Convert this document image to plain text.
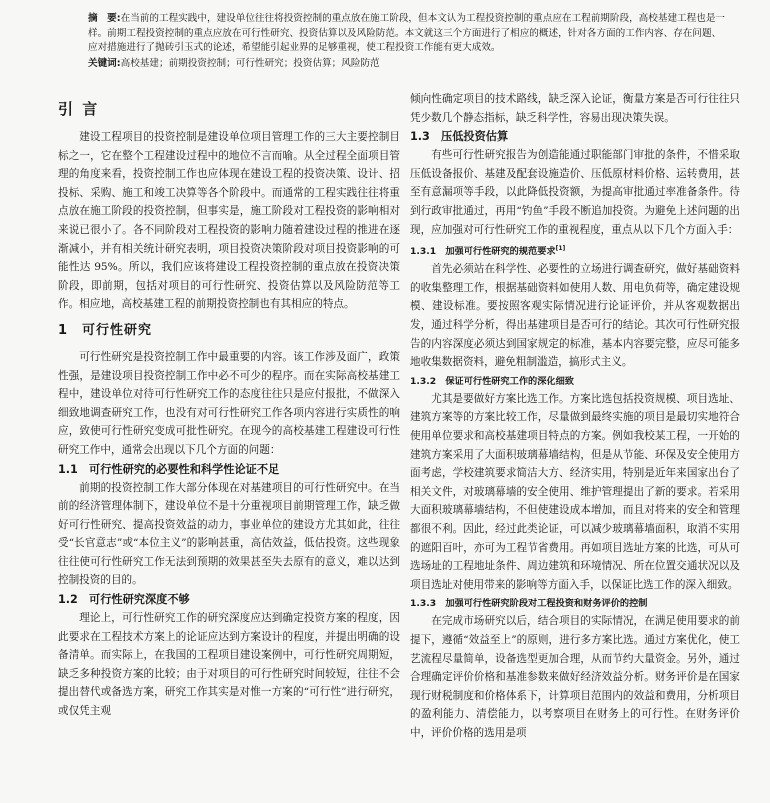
摘　要:在当前的工程实践中，建设单位往往将投资控制的重点放在施工阶段，但本文认为工程投资控制的重点应在工程前期阶段，高校基建工程也是一样。前期工程投资控制的重点应放在可行性研究、投资估算以及风险防范。本文就这三个方面进行了相应的概述，针对各方面的工作内容、存在问题、应对措施进行了抛砖引玉式的论述，希望能引起业界的足够重视，使工程投资工作能有更大成效。
关键词:高校基建；前期投资控制；可行性研究；投资估算；风险防范
引 言

建设工程项目的投资控制是建设单位项目管理工作的三大主要控制目标之一，它在整个工程建设过程中的地位不言而喻。从全过程全面项目管理的角度来看，投资控制工作也应体现在建设工程的投资决策、设计、招投标、采购、施工和竣工决算等各个阶段中。而通常的工程实践往往将重点放在施工阶段的投资控制，但事实是，施工阶段对工程投资的影响相对来说已很小了。各不同阶段对工程投资的影响力随着建设过程的推进在逐渐减小，并有相关统计研究表明，项目投资决策阶段对项目投资影响的可能性达 95%。所以，我们应该将建设工程投资控制的重点放在投资决策阶段，即前期，包括对项目的可行性研究、投资估算以及风险防范等工作。相应地，高校基建工程的前期投资控制也有其相应的特点。

1　可行性研究

可行性研究是投资控制工作中最重要的内容。该工作涉及面广，政策性强，是建设项目投资控制工作中必不可少的程序。而在实际高校基建工程中，建设单位对待可行性研究工作的态度往往只是应付报批，不做深入细致地调查研究工作，也没有对可行性研究工作各项内容进行实质性的响应，致使可行性研究变成可批性研究。在现今的高校基建工程建设可行性研究工作中，通常会出现以下几个方面的问题：

1.1　可行性研究的必要性和科学性论证不足

前期的投资控制工作大部分体现在对基建项目的可行性研究中。在当前的经济管理体制下，建设单位不是十分重视项目前期管理工作，缺乏做好可行性研究、提高投资效益的动力，事业单位的建设方尤其如此，往往受“长官意志”或“本位主义”的影响甚重，高估效益，低估投资。这些现象往往使可行性研究工作无法到预期的效果甚至失去原有的意义，难以达到控制投资的目的。

1.2　可行性研究深度不够

理论上，可行性研究工作的研究深度应达到确定投资方案的程度，因此要求在工程技术方案上的论证应达到方案设计的程度，并提出明确的设备清单。而实际上，在我国的工程项目建设案例中，可行性研究周期短，缺乏多种投资方案的比较；由于对项目的可行性研究时间较短，往往不会提出替代或备选方案，研究工作其实是对惟一方案的“可行性”进行研究，或仅凭主观

倾向性确定项目的技术路线，缺乏深入论证，衡量方案是否可行往往只凭少数几个静态指标，缺乏科学性，容易出现决策失误。

1.3　压低投资估算

有些可行性研究报告为创造能通过职能部门审批的条件，不惜采取压低设备报价、基建及配套设施造价、压低原材料价格、运转费用，甚至有意漏项等手段，以此降低投资额，为提高审批通过率准备条件。待到行政审批通过，再用“钓鱼”手段不断追加投资。为避免上述问题的出现，应加强对可行性研究工作的重视程度，重点从以下几个方面入手：

1.3.1　加强可行性研究的规范要求[1]

首先必须站在科学性、必要性的立场进行调查研究，做好基础资料的收集整理工作，根据基础资料如使用人数、用电负荷等，确定建设规模、建设标准。要按照客观实际情况进行论证评价，并从客观数据出发，通过科学分析，得出基建项目是否可行的结论。其次可行性研究报告的内容深度必须达到国家规定的标准，基本内容要完整，应尽可能多地收集数据资料，避免粗制滥造，搞形式主义。

1.3.2　保证可行性研究工作的深化细致

尤其是要做好方案比选工作。方案比选包括投资规模、项目选址、建筑方案等的方案比较工作，尽量做到最终实施的项目是最切实地符合使用单位要求和高校基建项目特点的方案。例如我校某工程，一开始的建筑方案采用了大面积玻璃幕墙结构，但是从节能、环保及安全使用方面考虑，学校建筑要求简洁大方、经济实用，特别是近年来国家出台了相关文件，对玻璃幕墙的安全使用、维护管理提出了新的要求。若采用大面积玻璃幕墙结构，不但使建设成本增加，而且对将来的安全和管理都很不利。因此，经过此类论证，可以减少玻璃幕墙面积，取消不实用的遮阳百叶，亦可为工程节省费用。再如项目选址方案的比选，可从可选场址的工程地址条件、周边建筑和环境情况、所在位置交通状况以及项目选址对使用带来的影响等方面入手，以保证比选工作的深入细致。

1.3.3　加强可行性研究阶段对工程投资和财务评价的控制

在完成市场研究以后，结合项目的实际情况，在满足使用要求的前提下，遵循“效益至上”的原则，进行多方案比选。通过方案优化，使工艺流程尽量简单，设备选型更加合理，从而节约大量资金。另外，通过合理确定评价价格和基准参数来做好经济效益分析。财务评价是在国家现行财税制度和价格体系下，计算项目范围内的效益和费用，分析项目的盈利能力、清偿能力，以考察项目在财务上的可行性。在财务评价中，评价价格的选用是项
